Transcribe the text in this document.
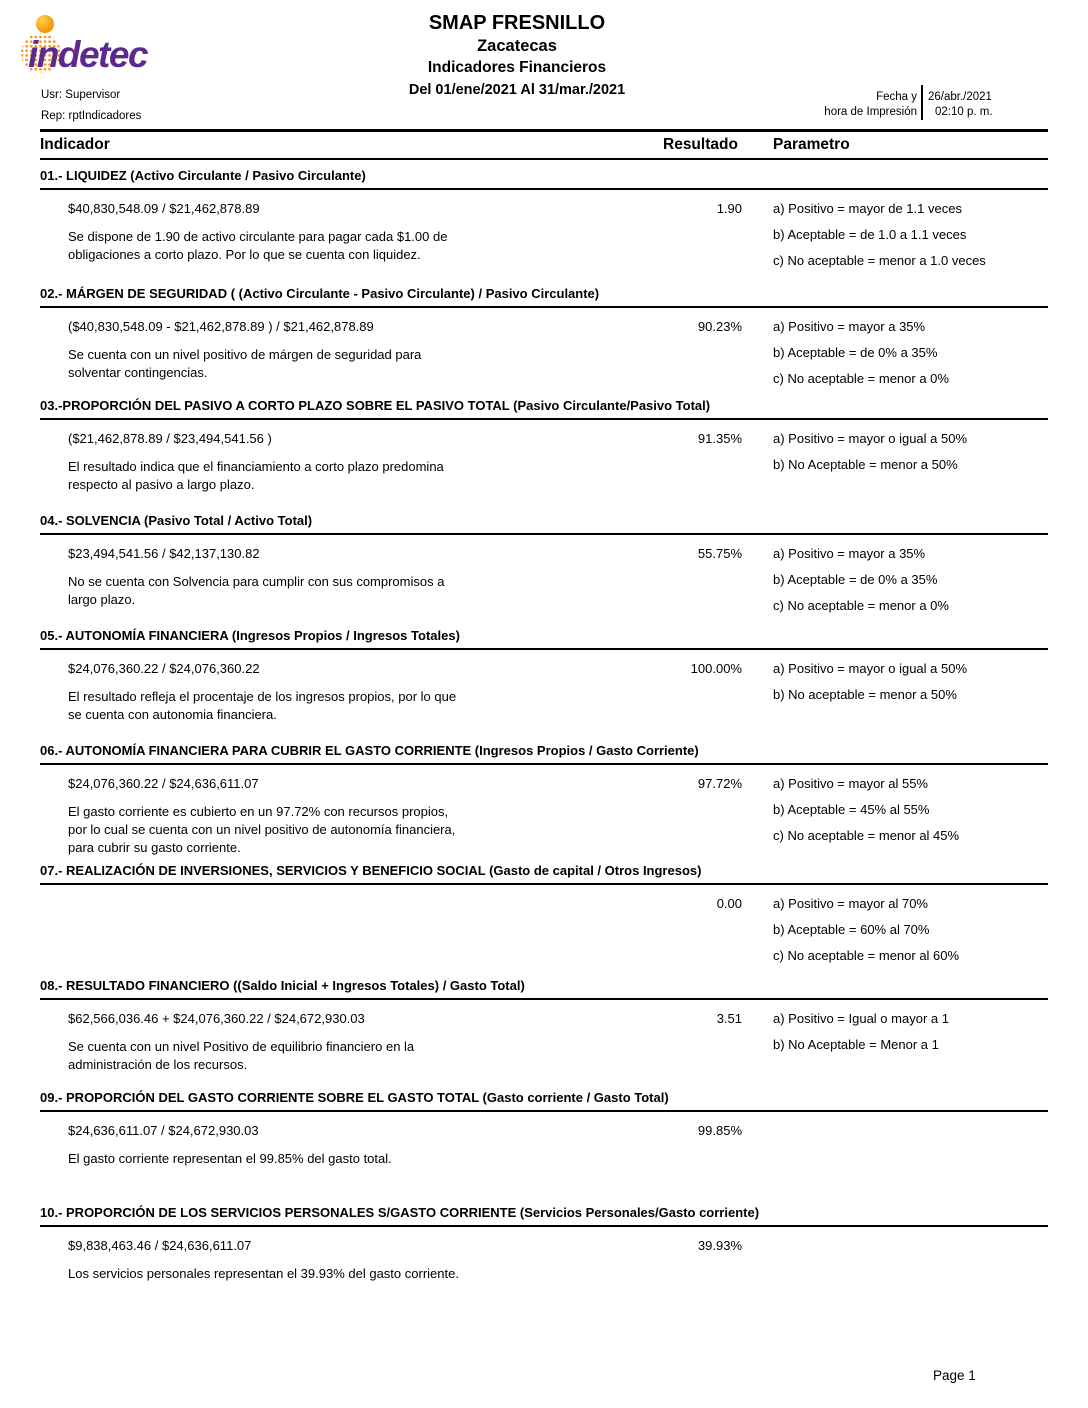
indetec
SMAP FRESNILLO
Zacatecas
Indicadores Financieros
Del 01/ene/2021 Al 31/mar./2021
Usr: Supervisor
Rep: rptIndicadores
Fecha y
hora de Impresión
26/abr./2021
02:10 p. m.
Indicador	Resultado Parametro
01.- LIQUIDEZ (Activo Circulante / Pasivo Circulante)
$40,830,548.09 / $21,462,878.89
Se dispone de 1.90 de activo circulante para pagar cada $1.00 de
obligaciones a corto plazo. Por lo que se cuenta con liquidez.
1.90 a) Positivo = mayor de 1.1 veces
b) Aceptable = de 1.0 a 1.1 veces
c) No aceptable = menor a 1.0 veces
02.- MÁRGEN DE SEGURIDAD ( (Activo Circulante - Pasivo Circulante) / Pasivo Circulante)
($40,830,548.09 - $21,462,878.89 ) / $21,462,878.89
Se cuenta con un nivel positivo de márgen de seguridad para
solventar contingencias.
90.23% a) Positivo = mayor a 35%
b) Aceptable = de 0% a 35%
c) No aceptable = menor a 0%
03.-PROPORCIÓN DEL PASIVO A CORTO PLAZO SOBRE EL PASIVO TOTAL (Pasivo Circulante/Pasivo Total)
($21,462,878.89 / $23,494,541.56 )
El resultado indica que el financiamiento a corto plazo predomina
respecto al pasivo a largo plazo.
91.35% a) Positivo = mayor o igual a 50%
b) No Aceptable = menor a 50%
04.- SOLVENCIA (Pasivo Total / Activo Total)
$23,494,541.56 / $42,137,130.82
No se cuenta con Solvencia para cumplir con sus compromisos a
largo plazo.
55.75% a) Positivo = mayor a 35%
b) Aceptable = de 0% a 35%
c) No aceptable = menor a 0%
05.- AUTONOMÍA FINANCIERA (Ingresos Propios / Ingresos Totales)
$24,076,360.22 / $24,076,360.22
El resultado refleja el procentaje de los ingresos propios, por lo que
se cuenta con autonomia financiera.
100.00% a) Positivo = mayor o igual a 50%
b) No aceptable = menor a 50%
06.- AUTONOMÍA FINANCIERA PARA CUBRIR EL GASTO CORRIENTE (Ingresos Propios / Gasto Corriente)
$24,076,360.22 / $24,636,611.07
El gasto corriente es cubierto en un 97.72% con recursos propios,
por lo cual se cuenta con un nivel positivo de autonomía financiera,
para cubrir su gasto corriente.
97.72% a) Positivo = mayor al 55%
b) Aceptable = 45% al 55%
c) No aceptable = menor al 45%
07.- REALIZACIÓN DE INVERSIONES, SERVICIOS Y BENEFICIO SOCIAL (Gasto de capital / Otros Ingresos)
0.00 a) Positivo = mayor al 70%
b) Aceptable = 60% al 70%
c) No aceptable = menor al 60%
08.- RESULTADO FINANCIERO ((Saldo Inicial + Ingresos Totales) / Gasto Total)
$62,566,036.46 + $24,076,360.22 / $24,672,930.03
Se cuenta con un nivel Positivo de equilibrio financiero en la
administración de los recursos.
3.51 a) Positivo = Igual o mayor a 1
b) No Aceptable = Menor a 1
09.- PROPORCIÓN DEL GASTO CORRIENTE SOBRE EL GASTO TOTAL (Gasto corriente / Gasto Total)
$24,636,611.07 / $24,672,930.03
El gasto corriente representan el 99.85% del gasto total.
99.85%
10.- PROPORCIÓN DE LOS SERVICIOS PERSONALES S/GASTO CORRIENTE (Servicios Personales/Gasto corriente)
$9,838,463.46 / $24,636,611.07
Los servicios personales representan el 39.93% del gasto corriente.
39.93%
Page 1
